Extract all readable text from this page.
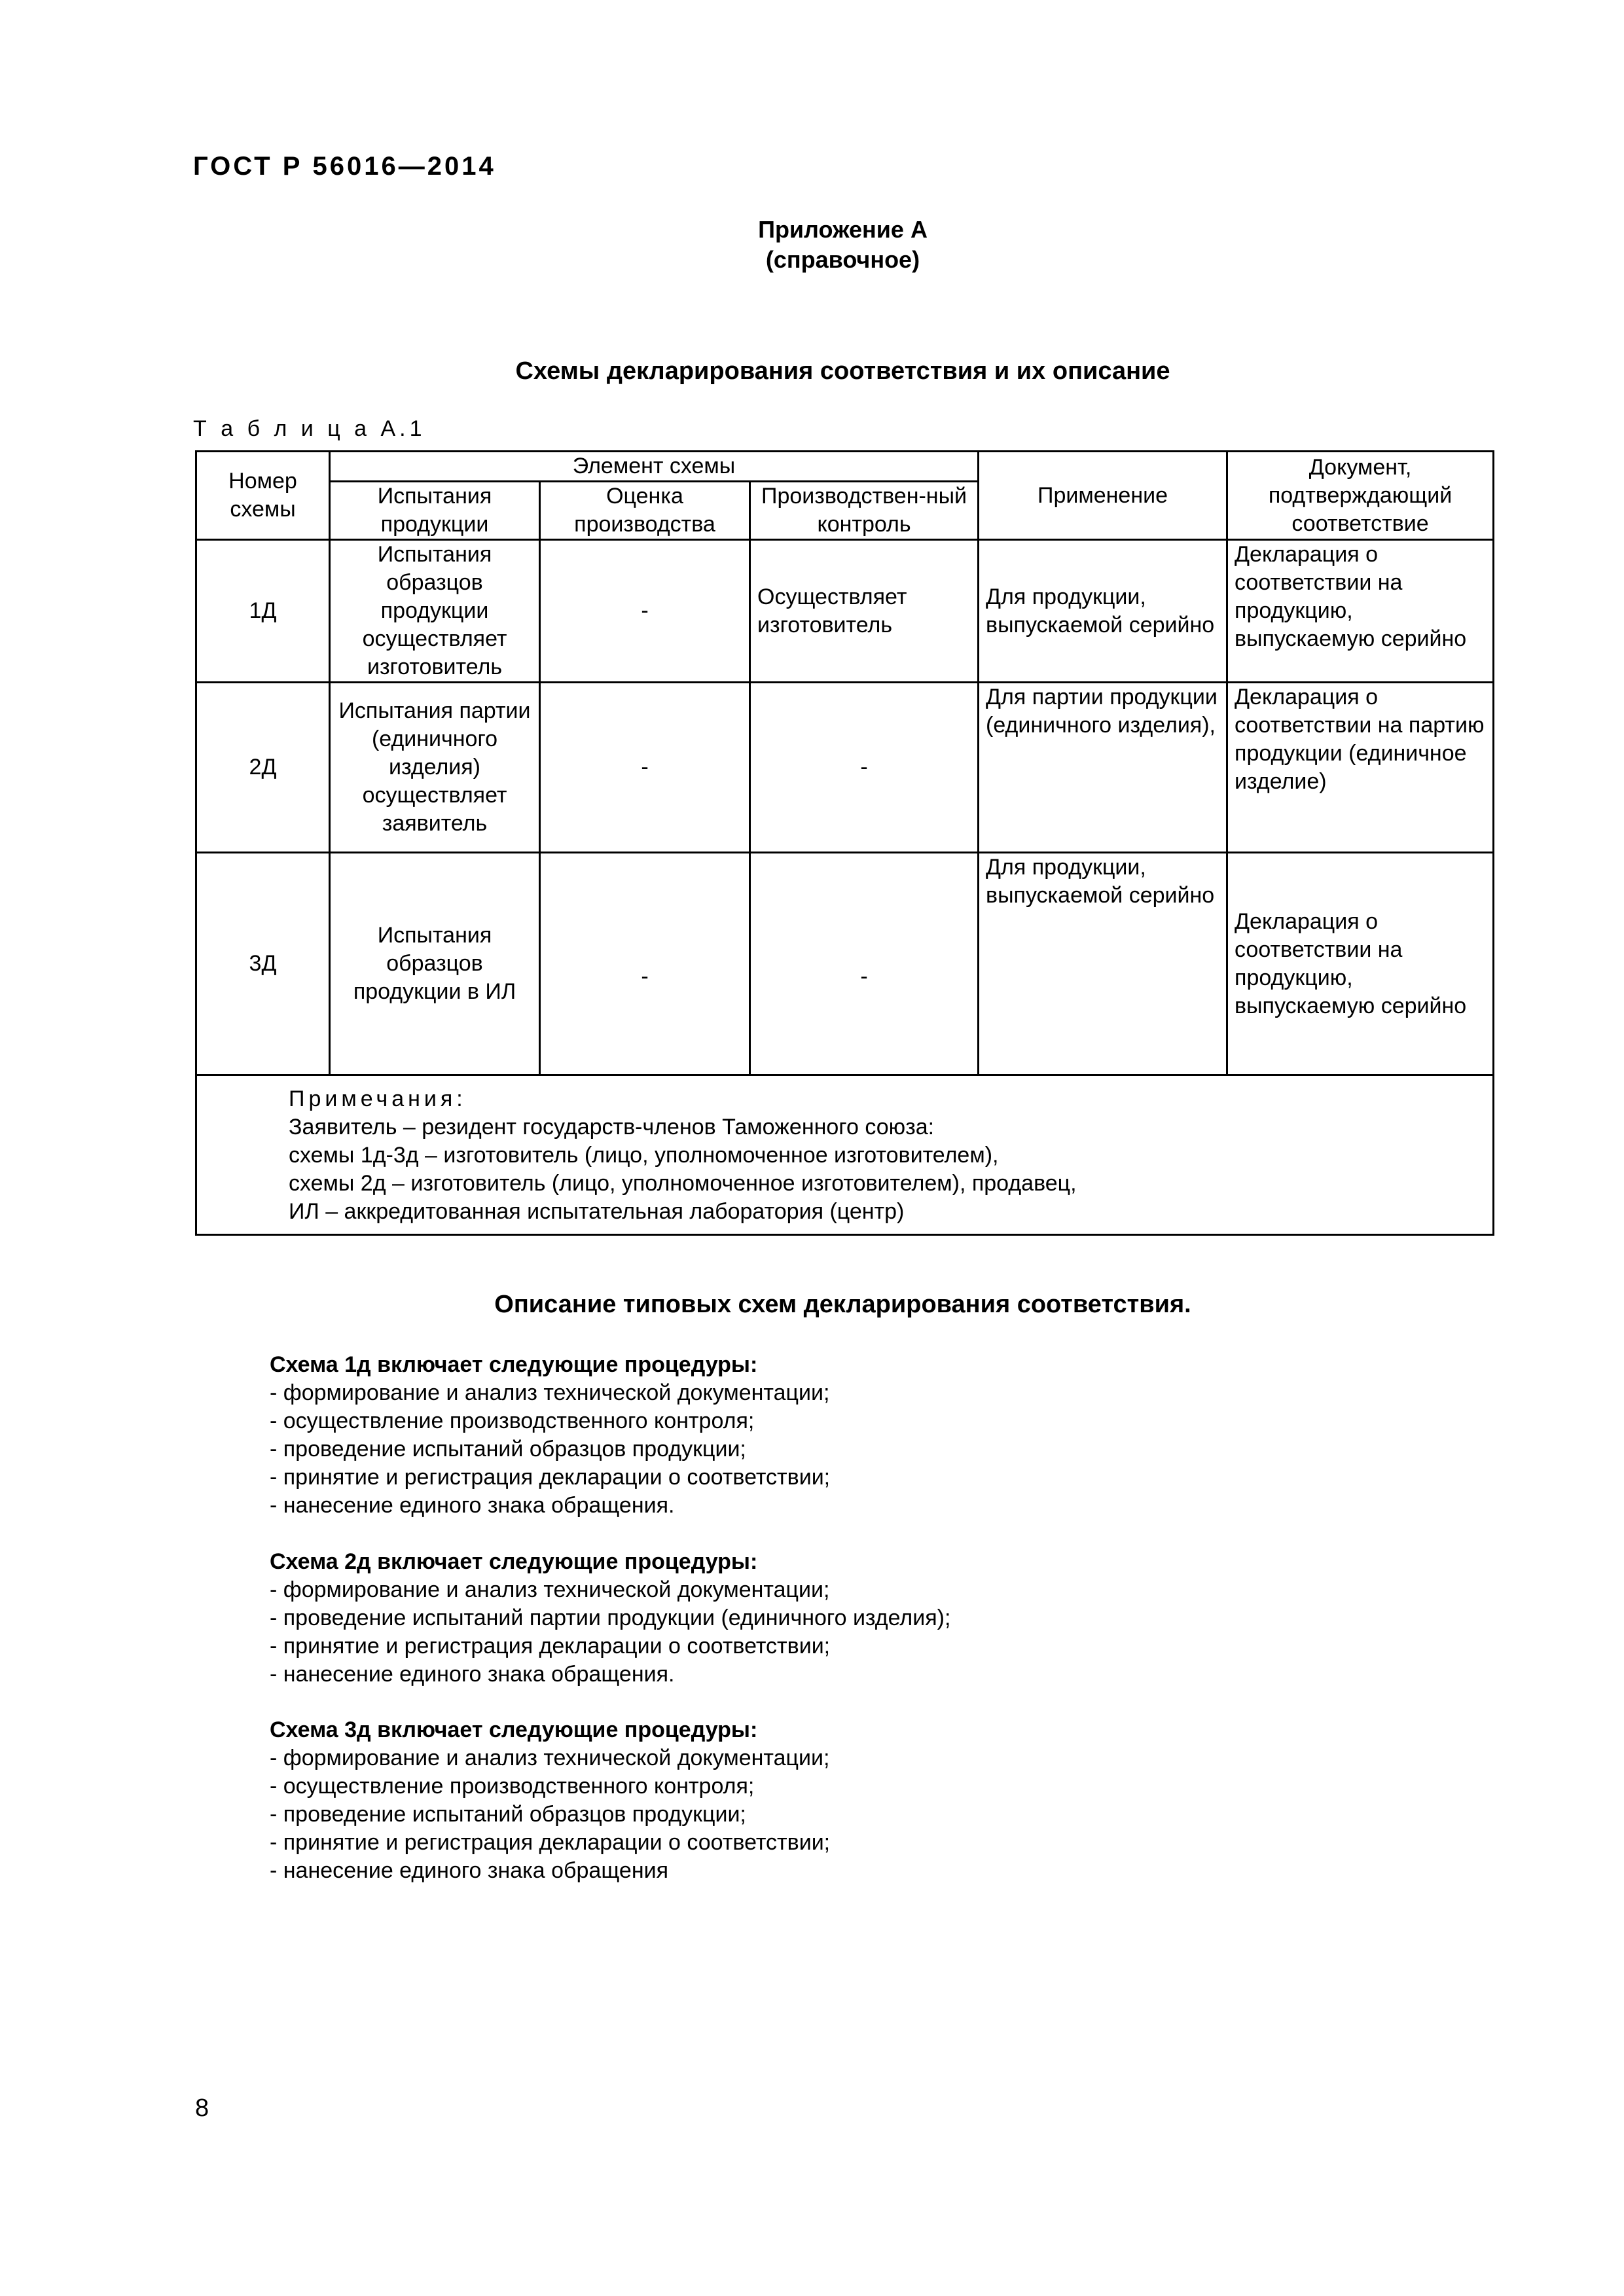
ГОСТ Р 56016—2014
Приложение А
(справочное)
Схемы декларирования соответствия и их описание
Т а б л и ц а А.1
Номер схемы	Элемент схемы			Применение	Документ, подтверждающий соответствие
	Испытания продукции	Оценка производства	Производствен-ный контроль		
1Д	Испытания образцов продукции осуществляет изготовитель	-	Осуществляет изготовитель	Для продукции, выпускаемой серийно	Декларация о соответствии на продукцию, выпускаемую серийно
2Д	Испытания партии (единичного изделия) осуществляет заявитель	-	-	Для партии продукции (единичного изделия),	Декларация о соответствии на партию продукции (единичное изделие)
3Д	Испытания образцов продукции в ИЛ	-	-	Для продукции, выпускаемой серийно	Декларация о соответствии на продукцию, выпускаемую серийно

Примечания:
Заявитель – резидент государств-членов Таможенного союза:
схемы 1д-3д – изготовитель (лицо, уполномоченное изготовителем),
схемы 2д – изготовитель (лицо, уполномоченное изготовителем), продавец,
ИЛ – аккредитованная испытательная лаборатория (центр)					
Описание типовых схем декларирования соответствия.
Схема 1д включает следующие процедуры:
- формирование и анализ технической документации;
- осуществление производственного контроля;
- проведение испытаний образцов продукции;
- принятие и регистрация декларации о соответствии;
- нанесение единого знака обращения.
Схема 2д включает следующие процедуры:
- формирование и анализ технической документации;
- проведение испытаний партии продукции (единичного изделия);
- принятие и регистрация декларации о соответствии;
- нанесение единого знака обращения.
Схема 3д включает следующие процедуры:
- формирование и анализ технической документации;
- осуществление производственного контроля;
- проведение испытаний образцов продукции;
- принятие и регистрация декларации о соответствии;
- нанесение единого знака обращения
8
